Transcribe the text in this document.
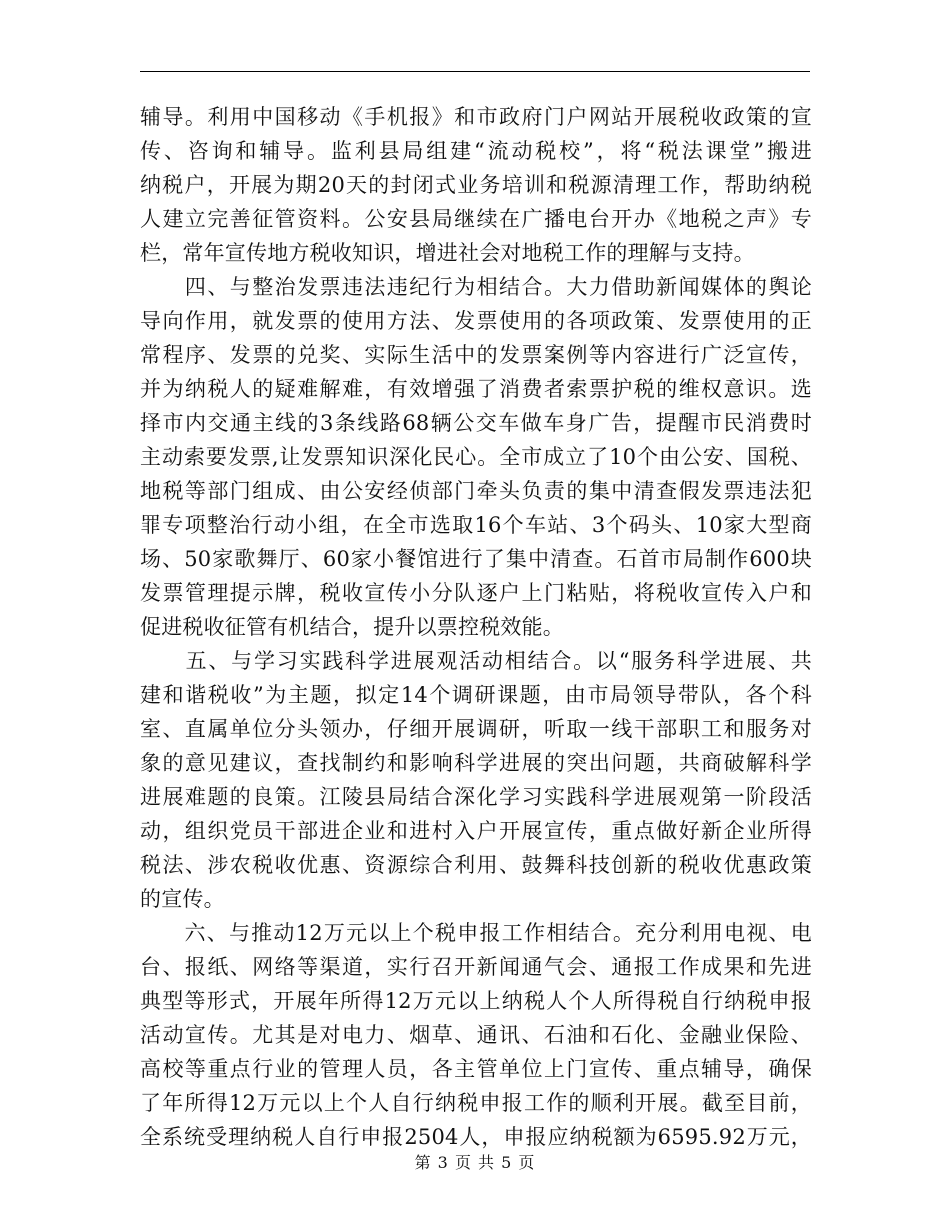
辅导。利用中国移动《手机报》和市政府门户网站开展税收政策的宣
传、咨询和辅导。监利县局组建“流动税校”，将“税法课堂”搬进
纳税户，开展为期20天的封闭式业务培训和税源清理工作，帮助纳税
人建立完善征管资料。公安县局继续在广播电台开办《地税之声》专
栏，常年宣传地方税收知识，增进社会对地税工作的理解与支持。
　　四、与整治发票违法违纪行为相结合。大力借助新闻媒体的舆论
导向作用，就发票的使用方法、发票使用的各项政策、发票使用的正
常程序、发票的兑奖、实际生活中的发票案例等内容进行广泛宣传，
并为纳税人的疑难解难，有效增强了消费者索票护税的维权意识。选
择市内交通主线的3条线路68辆公交车做车身广告，提醒市民消费时
主动索要发票,让发票知识深化民心。全市成立了10个由公安、国税、
地税等部门组成、由公安经侦部门牵头负责的集中清查假发票违法犯
罪专项整治行动小组，在全市选取16个车站、3个码头、10家大型商
场、50家歌舞厅、60家小餐馆进行了集中清查。石首市局制作600块
发票管理提示牌，税收宣传小分队逐户上门粘贴，将税收宣传入户和
促进税收征管有机结合，提升以票控税效能。
　　五、与学习实践科学进展观活动相结合。以“服务科学进展、共
建和谐税收”为主题，拟定14个调研课题，由市局领导带队，各个科
室、直属单位分头领办，仔细开展调研，听取一线干部职工和服务对
象的意见建议，查找制约和影响科学进展的突出问题，共商破解科学
进展难题的良策。江陵县局结合深化学习实践科学进展观第一阶段活
动，组织党员干部进企业和进村入户开展宣传，重点做好新企业所得
税法、涉农税收优惠、资源综合利用、鼓舞科技创新的税收优惠政策
的宣传。
　　六、与推动12万元以上个税申报工作相结合。充分利用电视、电
台、报纸、网络等渠道，实行召开新闻通气会、通报工作成果和先进
典型等形式，开展年所得12万元以上纳税人个人所得税自行纳税申报
活动宣传。尤其是对电力、烟草、通讯、石油和石化、金融业保险、
高校等重点行业的管理人员，各主管单位上门宣传、重点辅导，确保
了年所得12万元以上个人自行纳税申报工作的顺利开展。截至目前，
全系统受理纳税人自行申报2504人，申报应纳税额为6595.92万元，
第 3 页 共 5 页
